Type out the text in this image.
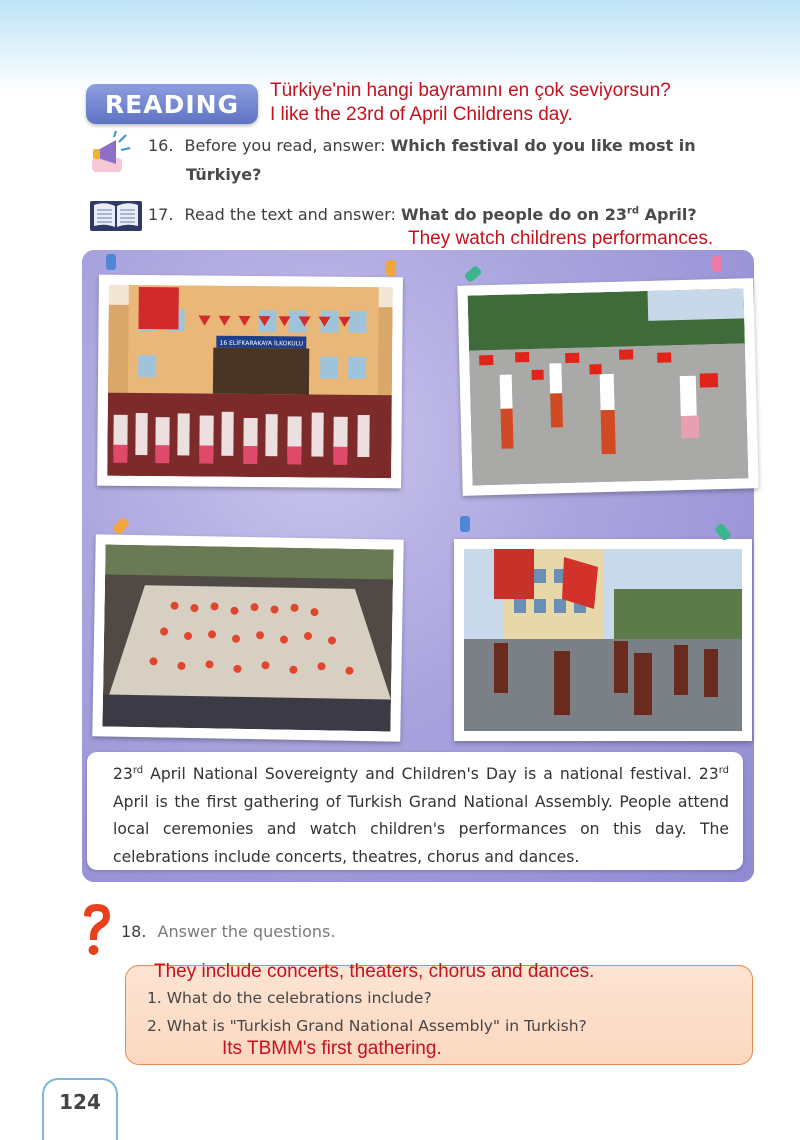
READING Türkiye'nin hangi bayramını en çok seviyorsun?
I like the 23rd of April Childrens day.
16. Before you read, answer: Which festival do you like most in
Türkiye?
17. Read the text and answer: What do people do on 23rd April?
They watch childrens performances.
16 ELİFKARAKAYA İLKOKULU

23rd April National Sovereignty and Children's Day is a national festival. 23rd April is the first gathering of Turkish Grand National Assembly. People attend local ceremonies and watch children's performances on this day. The celebrations include concerts, theatres, chorus and dances.

18. Answer the questions.
They include concerts, theaters, chorus and dances.
1. What do the celebrations include?
2. What is "Turkish Grand National Assembly" in Turkish?
Its TBMM's first gathering.
124
